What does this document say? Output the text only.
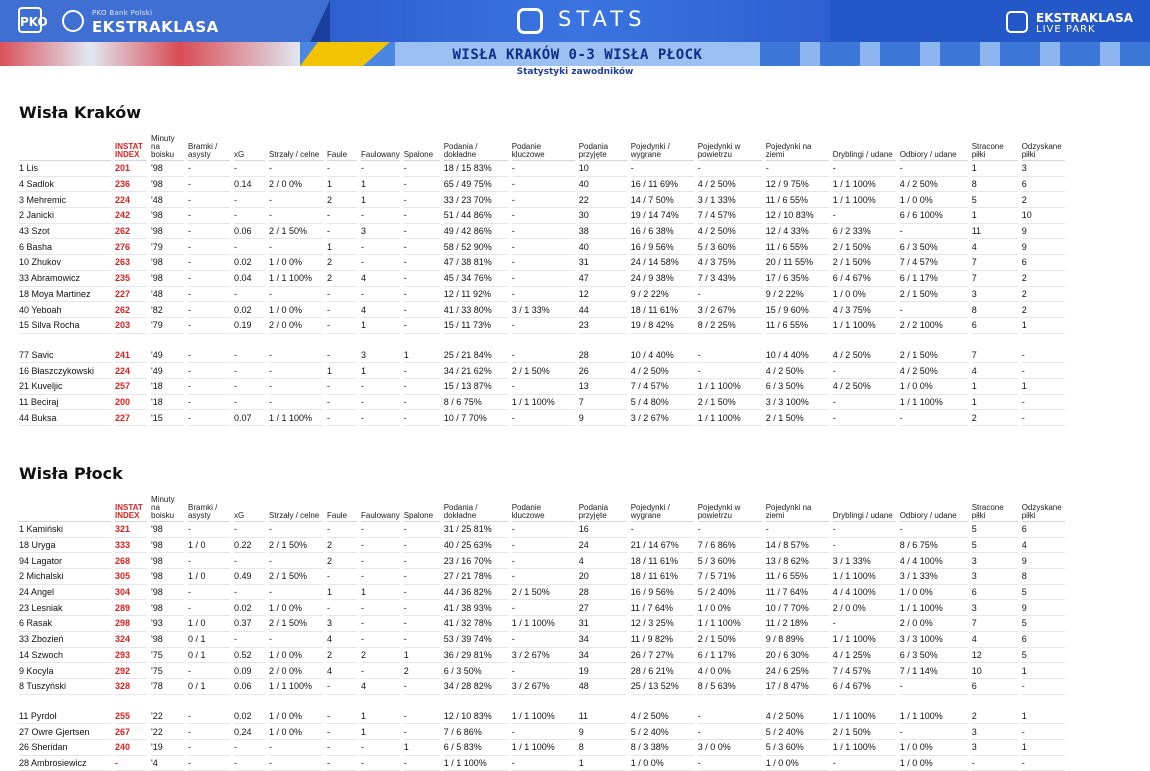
PKO
PKO Bank Polski
EKSTRAKLASA	STATS	EKSTRAKLASA
LIVE PARK
WISŁA KRAKÓW 0-3 WISŁA PŁOCK
Statystyki zawodników
Wisła Kraków
	INSTAT INDEX	Minuty na boisku	Bramki / asysty	xG	Strzały / celne	Faule	Faulowany	Spalone	Podania / dokładne	Podanie kluczowe	Podania przyjęte	Pojedynki / wygrane	Pojedynki w powietrzu	Pojedynki na ziemi	Dryblingi / udane	Odbiory / udane	Stracone piłki	Odzyskane piłki
1 Lis	201	'98	-	-	-	-	-	-	18 / 15 83%	-	10	-	-	-	-	-	1	3
4 Sadlok	236	'98	-	0.14	2 / 0 0%	1	1	-	65 / 49 75%	-	40	16 / 11 69%	4 / 2 50%	12 / 9 75%	1 / 1 100%	4 / 2 50%	8	6
3 Mehremic	224	'48	-	-	-	2	1	-	33 / 23 70%	-	22	14 / 7 50%	3 / 1 33%	11 / 6 55%	1 / 1 100%	1 / 0 0%	5	2
2 Janicki	242	'98	-	-	-	-	-	-	51 / 44 86%	-	30	19 / 14 74%	7 / 4 57%	12 / 10 83%	-	6 / 6 100%	1	10
43 Szot	262	'98	-	0.06	2 / 1 50%	-	3	-	49 / 42 86%	-	38	16 / 6 38%	4 / 2 50%	12 / 4 33%	6 / 2 33%	-	11	9
6 Basha	276	'79	-	-	-	1	-	-	58 / 52 90%	-	40	16 / 9 56%	5 / 3 60%	11 / 6 55%	2 / 1 50%	6 / 3 50%	4	9
10 Zhukov	263	'98	-	0.02	1 / 0 0%	2	-	-	47 / 38 81%	-	31	24 / 14 58%	4 / 3 75%	20 / 11 55%	2 / 1 50%	7 / 4 57%	7	6
33 Abramowicz	235	'98	-	0.04	1 / 1 100%	2	4	-	45 / 34 76%	-	47	24 / 9 38%	7 / 3 43%	17 / 6 35%	6 / 4 67%	6 / 1 17%	7	2
18 Moya Martinez	227	'48	-	-	-	-	-	-	12 / 11 92%	-	12	9 / 2 22%	-	9 / 2 22%	1 / 0 0%	2 / 1 50%	3	2
40 Yeboah	262	'82	-	0.02	1 / 0 0%	-	4	-	41 / 33 80%	3 / 1 33%	44	18 / 11 61%	3 / 2 67%	15 / 9 60%	4 / 3 75%	-	8	2
15 Silva Rocha	203	'79	-	0.19	2 / 0 0%	-	1	-	15 / 11 73%	-	23	19 / 8 42%	8 / 2 25%	11 / 6 55%	1 / 1 100%	2 / 2 100%	6	1

77 Savic	241	'49	-	-	-	-	3	1	25 / 21 84%	-	28	10 / 4 40%	-	10 / 4 40%	4 / 2 50%	2 / 1 50%	7	-
16 Błaszczykowski	224	'49	-	-	-	1	1	-	34 / 21 62%	2 / 1 50%	26	4 / 2 50%	-	4 / 2 50%	-	4 / 2 50%	4	-
21 Kuveljic	257	'18	-	-	-	-	-	-	15 / 13 87%	-	13	7 / 4 57%	1 / 1 100%	6 / 3 50%	4 / 2 50%	1 / 0 0%	1	1
11 Beciraj	200	'18	-	-	-	-	-	-	8 / 6 75%	1 / 1 100%	7	5 / 4 80%	2 / 1 50%	3 / 3 100%	-	1 / 1 100%	1	-
44 Buksa	227	'15	-	0.07	1 / 1 100%	-	-	-	10 / 7 70%	-	9	3 / 2 67%	1 / 1 100%	2 / 1 50%	-	-	2	-
Wisła Płock
	INSTAT INDEX	Minuty na boisku	Bramki / asysty	xG	Strzały / celne	Faule	Faulowany	Spalone	Podania / dokładne	Podanie kluczowe	Podania przyjęte	Pojedynki / wygrane	Pojedynki w powietrzu	Pojedynki na ziemi	Dryblingi / udane	Odbiory / udane	Stracone piłki	Odzyskane piłki
1 Kamiński	321	'98	-	-	-	-	-	-	31 / 25 81%	-	16	-	-	-	-	-	5	6
18 Uryga	333	'98	1 / 0	0.22	2 / 1 50%	2	-	-	40 / 25 63%	-	24	21 / 14 67%	7 / 6 86%	14 / 8 57%	-	8 / 6 75%	5	4
94 Lagator	268	'98	-	-	-	2	-	-	23 / 16 70%	-	4	18 / 11 61%	5 / 3 60%	13 / 8 62%	3 / 1 33%	4 / 4 100%	3	9
2 Michalski	305	'98	1 / 0	0.49	2 / 1 50%	-	-	-	27 / 21 78%	-	20	18 / 11 61%	7 / 5 71%	11 / 6 55%	1 / 1 100%	3 / 1 33%	3	8
24 Angel	304	'98	-	-	-	1	1	-	44 / 36 82%	2 / 1 50%	28	16 / 9 56%	5 / 2 40%	11 / 7 64%	4 / 4 100%	1 / 0 0%	6	5
23 Lesniak	289	'98	-	0.02	1 / 0 0%	-	-	-	41 / 38 93%	-	27	11 / 7 64%	1 / 0 0%	10 / 7 70%	2 / 0 0%	1 / 1 100%	3	9
6 Rasak	298	'93	1 / 0	0.37	2 / 1 50%	3	-	-	41 / 32 78%	1 / 1 100%	31	12 / 3 25%	1 / 1 100%	11 / 2 18%	-	2 / 0 0%	7	5
33 Zbozień	324	'98	0 / 1	-	-	4	-	-	53 / 39 74%	-	34	11 / 9 82%	2 / 1 50%	9 / 8 89%	1 / 1 100%	3 / 3 100%	4	6
14 Szwoch	293	'75	0 / 1	0.52	1 / 0 0%	2	2	1	36 / 29 81%	3 / 2 67%	34	26 / 7 27%	6 / 1 17%	20 / 6 30%	4 / 1 25%	6 / 3 50%	12	5
9 Kocyla	292	'75	-	0.09	2 / 0 0%	4	-	2	6 / 3 50%	-	19	28 / 6 21%	4 / 0 0%	24 / 6 25%	7 / 4 57%	7 / 1 14%	10	1
8 Tuszyński	328	'78	0 / 1	0.06	1 / 1 100%	-	4	-	34 / 28 82%	3 / 2 67%	48	25 / 13 52%	8 / 5 63%	17 / 8 47%	6 / 4 67%	-	6	-

11 Pyrdoł	255	'22	-	0.02	1 / 0 0%	-	1	-	12 / 10 83%	1 / 1 100%	11	4 / 2 50%	-	4 / 2 50%	1 / 1 100%	1 / 1 100%	2	1
27 Owre Gjertsen	267	'22	-	0.24	1 / 0 0%	-	1	-	7 / 6 86%	-	9	5 / 2 40%	-	5 / 2 40%	2 / 1 50%	-	3	-
26 Sheridan	240	'19	-	-	-	-	-	1	6 / 5 83%	1 / 1 100%	8	8 / 3 38%	3 / 0 0%	5 / 3 60%	1 / 1 100%	1 / 0 0%	3	1
28 Ambrosiewicz	-	'4	-	-	-	-	-	-	1 / 1 100%	-	1	1 / 0 0%	-	1 / 0 0%	-	1 / 0 0%	-	-
